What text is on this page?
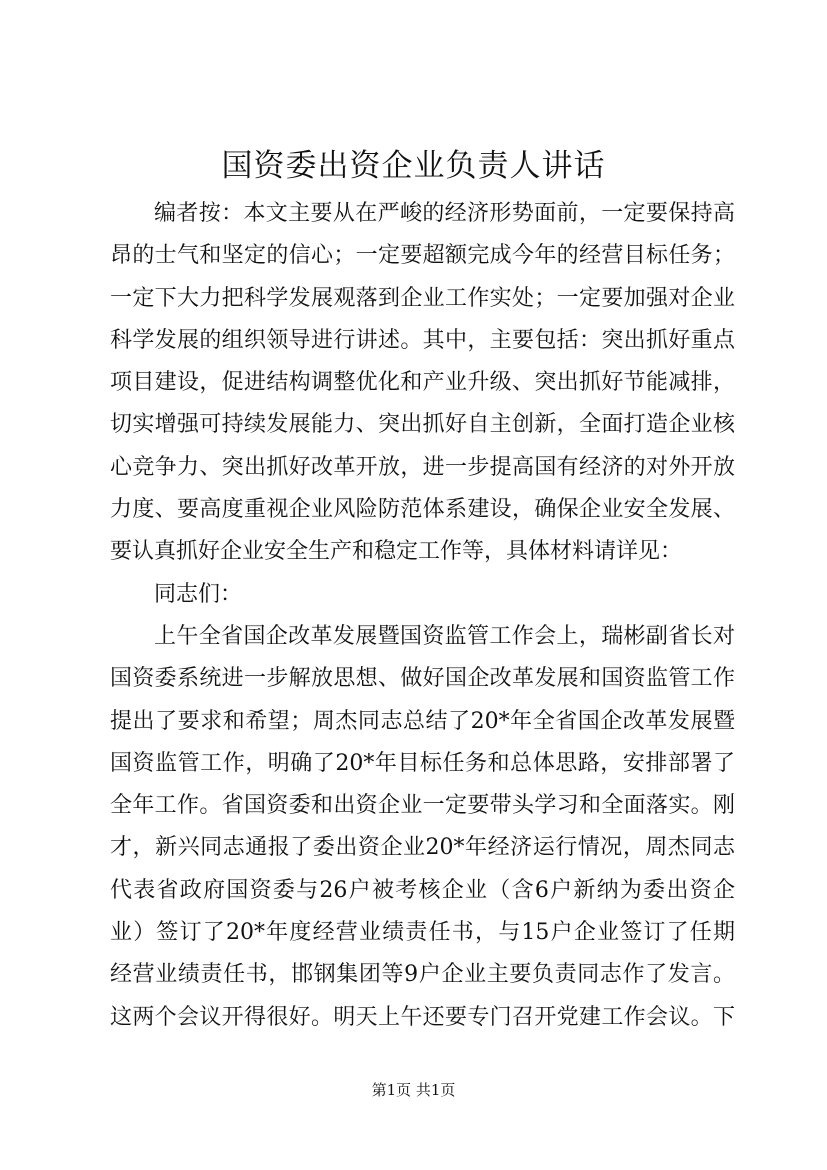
国资委出资企业负责人讲话

编者按：本文主要从在严峻的经济形势面前，一定要保持高

昂的士气和坚定的信心；一定要超额完成今年的经营目标任务；

一定下大力把科学发展观落到企业工作实处；一定要加强对企业

科学发展的组织领导进行讲述。其中，主要包括：突出抓好重点

项目建设，促进结构调整优化和产业升级、突出抓好节能减排，

切实增强可持续发展能力、突出抓好自主创新，全面打造企业核

心竞争力、突出抓好改革开放，进一步提高国有经济的对外开放

力度、要高度重视企业风险防范体系建设，确保企业安全发展、

要认真抓好企业安全生产和稳定工作等，具体材料请详见：

同志们：

上午全省国企改革发展暨国资监管工作会上，瑞彬副省长对

国资委系统进一步解放思想、做好国企改革发展和国资监管工作

提出了要求和希望；周杰同志总结了20*年全省国企改革发展暨

国资监管工作，明确了20*年目标任务和总体思路，安排部署了

全年工作。省国资委和出资企业一定要带头学习和全面落实。刚

才，新兴同志通报了委出资企业20*年经济运行情况，周杰同志

代表省政府国资委与26户被考核企业（含6户新纳为委出资企

业）签订了20*年度经营业绩责任书，与15户企业签订了任期

经营业绩责任书，邯钢集团等9户企业主要负责同志作了发言。

这两个会议开得很好。明天上午还要专门召开党建工作会议。下

第1页 共1页
